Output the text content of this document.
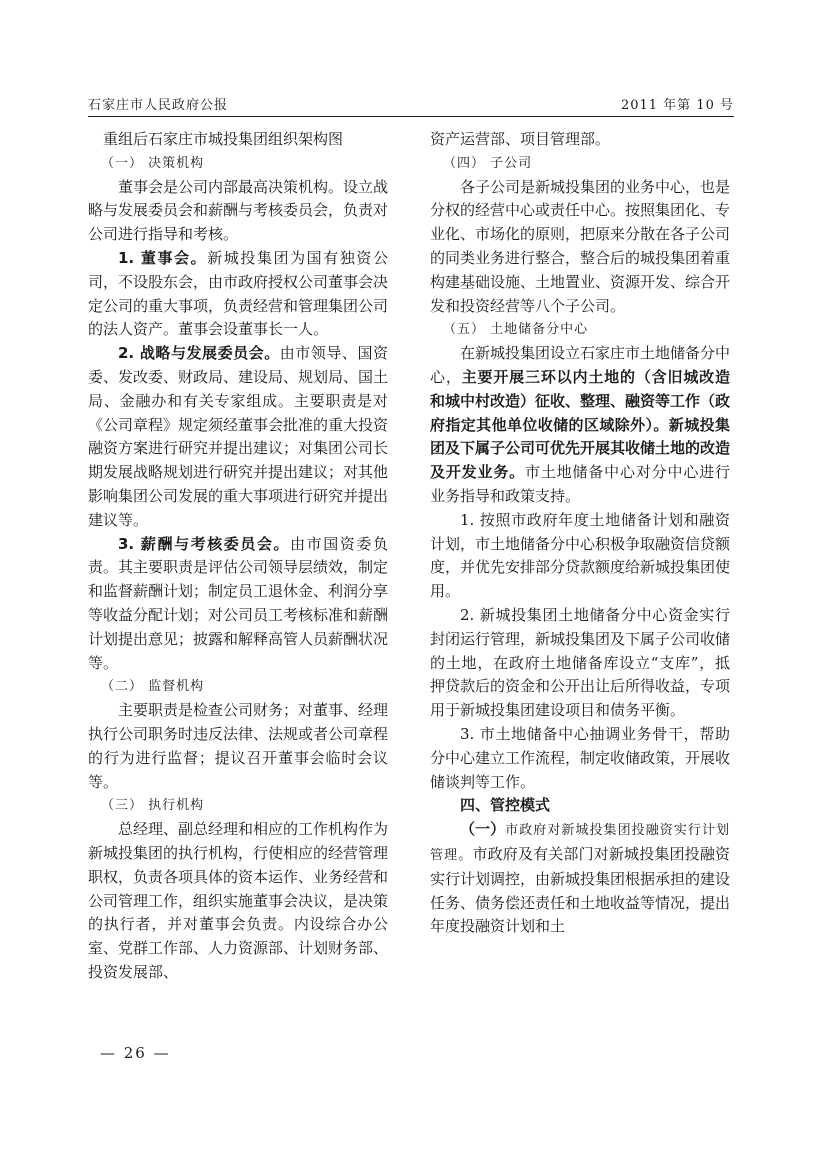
石家庄市人民政府公报	2011 年第 10 号

重组后石家庄市城投集团组织架构图

（一） 决策机构

董事会是公司内部最高决策机构。设立战略与发展委员会和薪酬与考核委员会，负责对公司进行指导和考核。

1. 董事会。新城投集团为国有独资公司，不设股东会，由市政府授权公司董事会决定公司的重大事项，负责经营和管理集团公司的法人资产。董事会设董事长一人。

2. 战略与发展委员会。由市领导、国资委、发改委、财政局、建设局、规划局、国土局、金融办和有关专家组成。主要职责是对《公司章程》规定须经董事会批准的重大投资融资方案进行研究并提出建议；对集团公司长期发展战略规划进行研究并提出建议；对其他影响集团公司发展的重大事项进行研究并提出建议等。

3. 薪酬与考核委员会。由市国资委负责。其主要职责是评估公司领导层绩效，制定和监督薪酬计划；制定员工退休金、利润分享等收益分配计划；对公司员工考核标准和薪酬计划提出意见；披露和解释高管人员薪酬状况等。

（二） 监督机构

主要职责是检查公司财务；对董事、经理执行公司职务时违反法律、法规或者公司章程的行为进行监督；提议召开董事会临时会议等。

（三） 执行机构

总经理、副总经理和相应的工作机构作为新城投集团的执行机构，行使相应的经营管理职权，负责各项具体的资本运作、业务经营和公司管理工作，组织实施董事会决议，是决策的执行者，并对董事会负责。内设综合办公室、党群工作部、人力资源部、计划财务部、投资发展部、

资产运营部、项目管理部。

（四） 子公司

各子公司是新城投集团的业务中心，也是分权的经营中心或责任中心。按照集团化、专业化、市场化的原则，把原来分散在各子公司的同类业务进行整合，整合后的城投集团着重构建基础设施、土地置业、资源开发、综合开发和投资经营等八个子公司。

（五） 土地储备分中心

在新城投集团设立石家庄市土地储备分中心，主要开展三环以内土地的（含旧城改造和城中村改造）征收、整理、融资等工作（政府指定其他单位收储的区域除外）。新城投集团及下属子公司可优先开展其收储土地的改造及开发业务。市土地储备中心对分中心进行业务指导和政策支持。

1. 按照市政府年度土地储备计划和融资计划，市土地储备分中心积极争取融资信贷额度，并优先安排部分贷款额度给新城投集团使用。

2. 新城投集团土地储备分中心资金实行封闭运行管理，新城投集团及下属子公司收储的土地，在政府土地储备库设立“支库”，抵押贷款后的资金和公开出让后所得收益，专项用于新城投集团建设项目和债务平衡。

3. 市土地储备中心抽调业务骨干，帮助分中心建立工作流程，制定收储政策，开展收储谈判等工作。

四、管控模式

（一）市政府对新城投集团投融资实行计划管理。市政府及有关部门对新城投集团投融资实行计划调控，由新城投集团根据承担的建设任务、债务偿还责任和土地收益等情况，提出年度投融资计划和土

— 26 —
